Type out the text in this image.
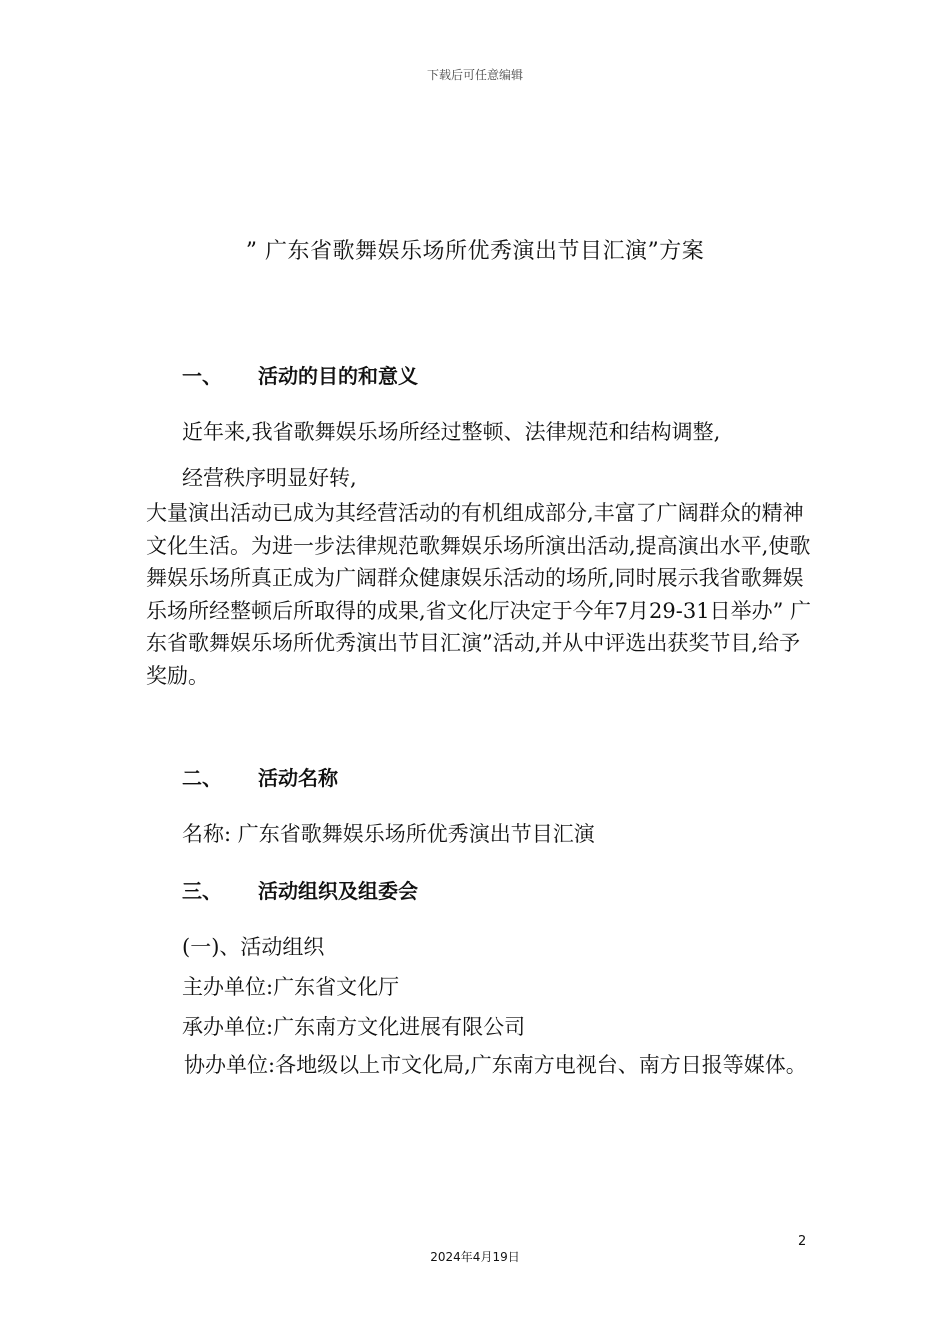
下载后可任意编辑
” 广东省歌舞娱乐场所优秀演出节目汇演”方案
一、 活动的目的和意义
近年来,我省歌舞娱乐场所经过整顿、法律规范和结构调整,
经营秩序明显好转,
大量演出活动已成为其经营活动的有机组成部分,丰富了广阔群众的精神文化生活。为进一步法律规范歌舞娱乐场所演出活动,提高演出水平,使歌舞娱乐场所真正成为广阔群众健康娱乐活动的场所,同时展示我省歌舞娱乐场所经整顿后所取得的成果,省文化厅决定于今年7月29-31日举办” 广东省歌舞娱乐场所优秀演出节目汇演”活动,并从中评选出获奖节目,给予奖励。
二、 活动名称
名称: 广东省歌舞娱乐场所优秀演出节目汇演
三、 活动组织及组委会
(一)、活动组织
主办单位:广东省文化厅
承办单位:广东南方文化进展有限公司
协办单位:各地级以上市文化局,广东南方电视台、南方日报等媒体。
2
2024年4月19日
